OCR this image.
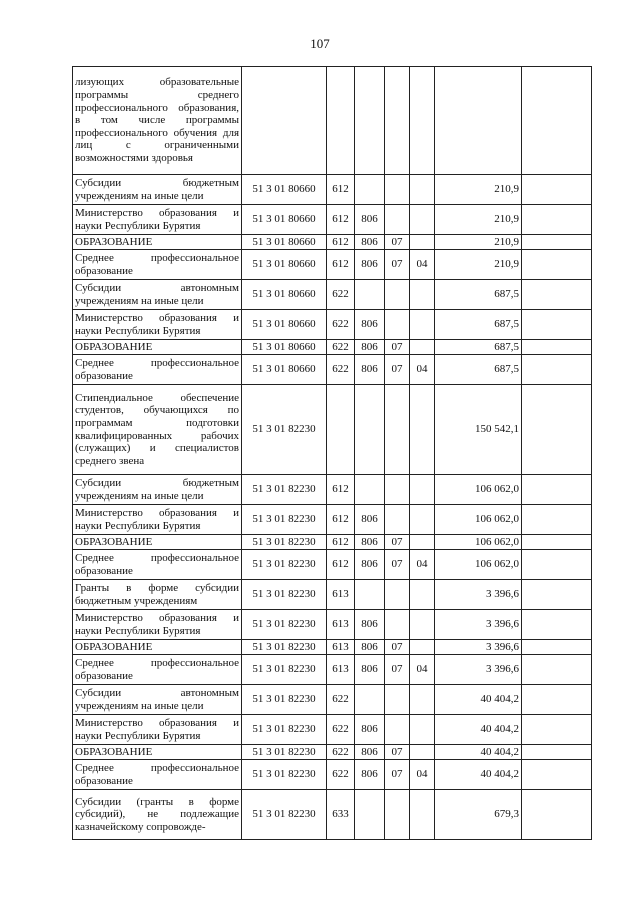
107
лизующих образовательные программы среднего профессионального образования, в том числе программы профессионального обучения для лиц с ограниченными возможностями здоровья							
Субсидии бюджетным учреждениям на иные цели	51 3 01 80660	612				210,9	
Министерство образования и науки Республики Бурятия	51 3 01 80660	612	806			210,9	
ОБРАЗОВАНИЕ	51 3 01 80660	612	806	07		210,9	
Среднее профессиональное образование	51 3 01 80660	612	806	07	04	210,9	
Субсидии автономным учреждениям на иные цели	51 3 01 80660	622				687,5	
Министерство образования и науки Республики Бурятия	51 3 01 80660	622	806			687,5	
ОБРАЗОВАНИЕ	51 3 01 80660	622	806	07		687,5	
Среднее профессиональное образование	51 3 01 80660	622	806	07	04	687,5	
Стипендиальное обеспечение студентов, обучающихся по программам подготовки квалифицированных рабочих (служащих) и специалистов среднего звена	51 3 01 82230					150 542,1	
Субсидии бюджетным учреждениям на иные цели	51 3 01 82230	612				106 062,0	
Министерство образования и науки Республики Бурятия	51 3 01 82230	612	806			106 062,0	
ОБРАЗОВАНИЕ	51 3 01 82230	612	806	07		106 062,0	
Среднее профессиональное образование	51 3 01 82230	612	806	07	04	106 062,0	
Гранты в форме субсидии бюджетным учреждениям	51 3 01 82230	613				3 396,6	
Министерство образования и науки Республики Бурятия	51 3 01 82230	613	806			3 396,6	
ОБРАЗОВАНИЕ	51 3 01 82230	613	806	07		3 396,6	
Среднее профессиональное образование	51 3 01 82230	613	806	07	04	3 396,6	
Субсидии автономным учреждениям на иные цели	51 3 01 82230	622				40 404,2	
Министерство образования и науки Республики Бурятия	51 3 01 82230	622	806			40 404,2	
ОБРАЗОВАНИЕ	51 3 01 82230	622	806	07		40 404,2	
Среднее профессиональное образование	51 3 01 82230	622	806	07	04	40 404,2	
Субсидии (гранты в форме субсидий), не подлежащие казначейскому сопровожде-	51 3 01 82230	633				679,3	
